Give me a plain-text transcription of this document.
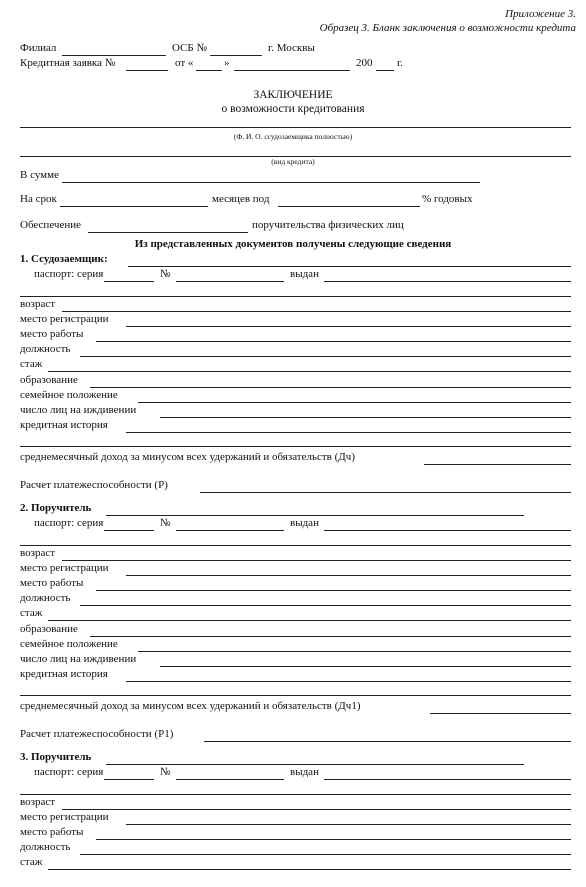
Приложение 3.
Образец 3. Бланк заключения о возможности кредита
Филиал	ОСБ №	г. Москвы
Кредитная заявка №	от «	»	200 г.
ЗАКЛЮЧЕНИЕ
о возможности кредитования
(Ф. И. О. ссудозаемщика полностью)
(вид кредита)
В сумме
На срок	месяцев под	% годовых
Обеспечение	поручительства физических лиц
Из представленных документов получены следующие сведения
1. Ссудозаемщик:
паспорт: серия	№	выдан
возраст
место регистрации
место работы
должность
стаж
образование
семейное положение
число лиц на иждивении
кредитная история
среднемесячный доход за минусом всех удержаний и обязательств (Дч)
Расчет платежеспособности (Р)
2. Поручитель
паспорт: серия	№	выдан
возраст
место регистрации
место работы
должность
стаж
образование
семейное положение
число лиц на иждивении
кредитная история
среднемесячный доход за минусом всех удержаний и обязательств (Дч1)
Расчет платежеспособности (Р1)
3. Поручитель
паспорт: серия	№	выдан
возраст
место регистрации
место работы
должность
стаж
